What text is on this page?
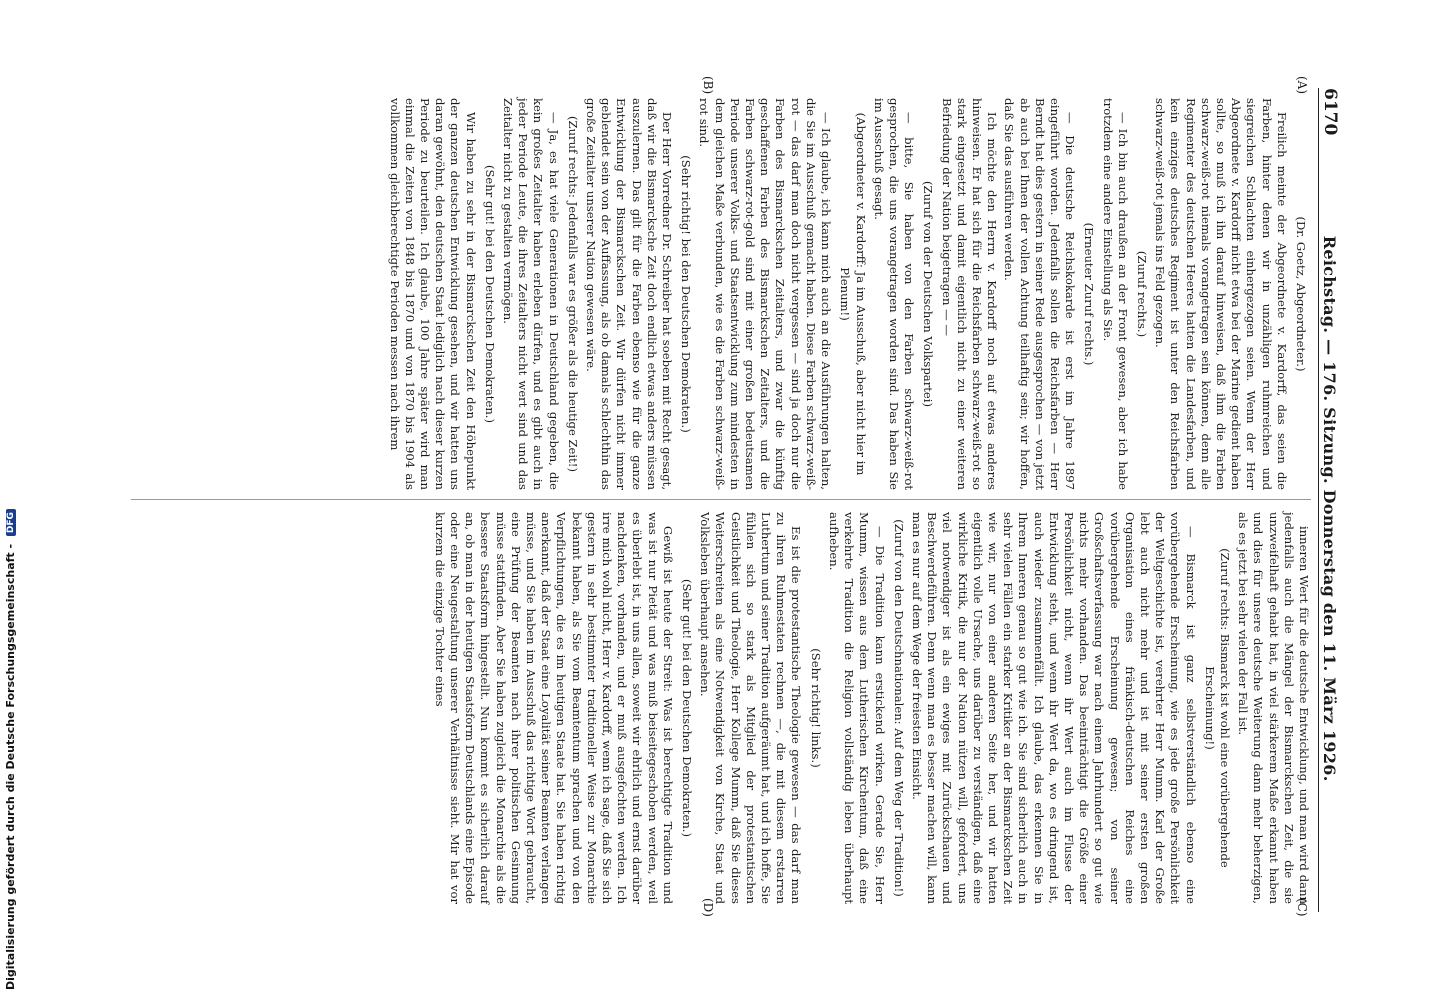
6170
Reichstag. — 176. Sitzung. Donnerstag den 11. März 1926.
(A)
(B)
(C)
(D)

(Dr. Goetz, Abgeordneter.)

Freilich meinte der Abgeordnete v. Kardorff, das seien die Farben, hinter denen wir in unzähligen ruhmreichen und siegreichen Schlachten einhergezogen seien. Wenn der Herr Abgeordnete v. Kardorff nicht etwa bei der Marine gedient haben sollte, so muß ich ihn darauf hinweisen, daß ihm die Farben schwarz-weiß-rot niemals vorangetragen sein können, denn alle Regimenter des deutschen Heeres hatten die Landesfarben, und kein einziges deutsches Regiment ist unter den Reichsfarben schwarz-weiß-rot jemals ins Feld gezogen.

(Zuruf rechts.)

— Ich bin auch draußen an der Front gewesen, aber ich habe trotzdem eine andere Einstellung als Sie.

(Erneuter Zuruf rechts.)

— Die deutsche Reichskokarde ist erst im Jahre 1897 eingeführt worden. Jedenfalls sollen die Reichsfarben — Herr Berndt hat dies gestern in seiner Rede ausgesprochen — von jetzt ab auch bei Ihnen der vollen Achtung teilhaftig sein; wir hoffen, daß Sie das ausführen werden.

Ich möchte den Herrn v. Kardorff noch auf etwas anderes hinweisen. Er hat sich für die Reichsfarben schwarz-weiß-rot so stark eingesetzt und damit eigentlich nicht zu einer weiteren Befriedung der Nation beigetragen — —

(Zuruf von der Deutschen Volkspartei)

— bitte, Sie haben von den Farben schwarz-weiß-rot gesprochen, die uns vorangetragen worden sind. Das haben Sie im Ausschuß gesagt.

(Abgeordneter v. Kardorff: Ja im Ausschuß, aber nicht hier im Plenum!)

— Ich glaube, ich kann mich auch an die Ausführungen halten, die Sie im Ausschuß gemacht haben. Diese Farben schwarz-weiß-rot — das darf man doch nicht vergessen — sind ja doch nur die Farben des Bismarckschen Zeitalters, und zwar die künftig geschaffenen Farben des Bismarckschen Zeitalters, und die Farben schwarz-rot-gold sind mit einer großen bedeutsamen Periode unserer Volks- und Staatsentwicklung zum mindesten in dem gleichen Maße verbunden, wie es die Farben schwarz-weiß-rot sind.

(Sehr richtig! bei den Deutschen Demokraten.)

Der Herr Vorredner Dr. Schreiber hat soeben mit Recht gesagt, daß wir die Bismarcksche Zeit doch endlich etwas anders müssen auszulernen. Das gilt für die Farben ebenso wie für die ganze Entwicklung der Bismarckschen Zeit. Wir dürfen nicht immer geblendet sein von der Auffassung, als ob damals schlechthin das große Zeitalter unserer Nation gewesen wäre.

(Zuruf rechts: Jedenfalls war es größer als die heutige Zeit!)

— Ja, es hat viele Generationen in Deutschland gegeben, die kein großes Zeitalter haben erleben dürfen, und es gibt auch in jeder Periode Leute, die ihres Zeitalters nicht wert sind und das Zeitalter nicht zu gestalten vermögen.

(Sehr gut! bei den Deutschen Demokraten.)

Wir haben zu sehr in der Bismarckschen Zeit den Höhepunkt der ganzen deutschen Entwicklung gesehen, und wir hatten uns daran gewöhnt, den deutschen Staat lediglich nach dieser kurzen Periode zu beurteilen. Ich glaube, 100 Jahre später wird man einmal die Zeiten von 1848 bis 1870 und von 1870 bis 1904 als vollkommen gleichberechtigte Perioden messen nach ihrem

inneren Wert für die deutsche Entwicklung, und man wird dann jedenfalls auch die Mängel der Bismarckschen Zeit, die sie unzweifelhaft gehabt hat, in viel stärkerem Maße erkannt haben und dies für unsere deutsche Weiterung dann mehr beherzigen, als es jetzt bei sehr vielen der Fall ist.

(Zuruf rechts: Bismarck ist wohl eine vorübergehende Erscheinung!)

— Bismarck ist ganz selbstverständlich ebenso eine vorübergehende Erscheinung, wie es jede große Persönlichkeit der Weltgeschichte ist, verehrter Herr Mumm. Karl der Große lebt auch nicht mehr und ist mit seiner ersten großen Organisation eines fränkisch-deutschen Reiches eine vorübergehende Erscheinung gewesen; von seiner Großschaftsverfassung war nach einem Jahrhundert so gut wie nichts mehr vorhanden. Das beeinträchtigt die Größe einer Persönlichkeit nicht, wenn ihr Wert auch im Flusse der Entwicklung steht, und wenn ihr Wert da, wo es dringend ist, auch wieder zusammenfällt. Ich glaube, das erkennen Sie in Ihrem Inneren genau so gut wie ich. Sie sind sicherlich auch in sehr vielen Fällen ein starker Kritiker an der Bismarckschen Zeit wie wir, nur von einer anderen Seite her, und wir hatten eigentlich volle Ursache, uns darüber zu verständigen, daß eine wirkliche Kritik, die nur der Nation nützen will, gefordert, uns viel notwendiger ist als ein ewiges mit Zurückschauen und Beschwerdeführen. Denn wenn man es besser machen will, kann man es nur auf dem Wege der freiesten Einsicht.

(Zuruf von den Deutschnationalen: Auf dem Weg der Tradition!)

— Die Tradition kann erstickend wirken. Gerade Sie, Herr Mumm, wissen aus dem Lutherischen Kirchentum, daß eine verkehrte Tradition die Religion vollständig leben überhaupt aufheben.

(Sehr richtig! links.)

Es ist die protestantische Theologie gewesen — das darf man zu ihren Ruhmestaten rechnen —, die mit diesem erstarren Luthertum und seiner Tradition aufgeräumt hat, und ich hoffe, Sie fühlen sich so stark als Mitglied der protestantischen Geistlichkeit und Theologie, Herr Kollege Mumm, daß Sie dieses Weiterschreiten als eine Notwendigkeit von Kirche, Staat und Volksleben überhaupt ansehen.

(Sehr gut! bei den Deutschen Demokraten.)

Gewiß ist heute der Streit: Was ist berechtigte Tradition und was ist nur Pietät und was muß beiseitegeschoben werden, weil es überlebt ist, in uns allen, soweit wir ehrlich und ernst darüber nachdenken, vorhanden, und er muß ausgefochten werden. Ich irre mich wohl nicht, Herr v. Kardorff, wenn ich sage, daß Sie sich gestern in sehr bestimmter traditioneller Weise zur Monarchie bekannt haben, als Sie vom Beamtentum sprachen und von den Verpflichtungen, die es im heutigen Staate hat. Sie haben richtig anerkannt, daß der Staat eine Loyalität seiner Beamten verlangen müsse, und Sie haben im Ausschuß das richtige Wort gebraucht, eine Prüfung der Beamten nach ihrer politischen Gesinnung müsse stattfinden. Aber Sie haben zugleich die Monarchie als die bessere Staatsform hingestellt. Nun kommt es sicherlich darauf an, ob man in der heutigen Staatsform Deutschlands eine Episode oder eine Neugestaltung unserer Verhältnisse sieht. Mir hat vor kurzem die einzige Tochter eines

Digitalisierung gefördert durch die Deutsche Forschungsgemeinschaft - DFG
